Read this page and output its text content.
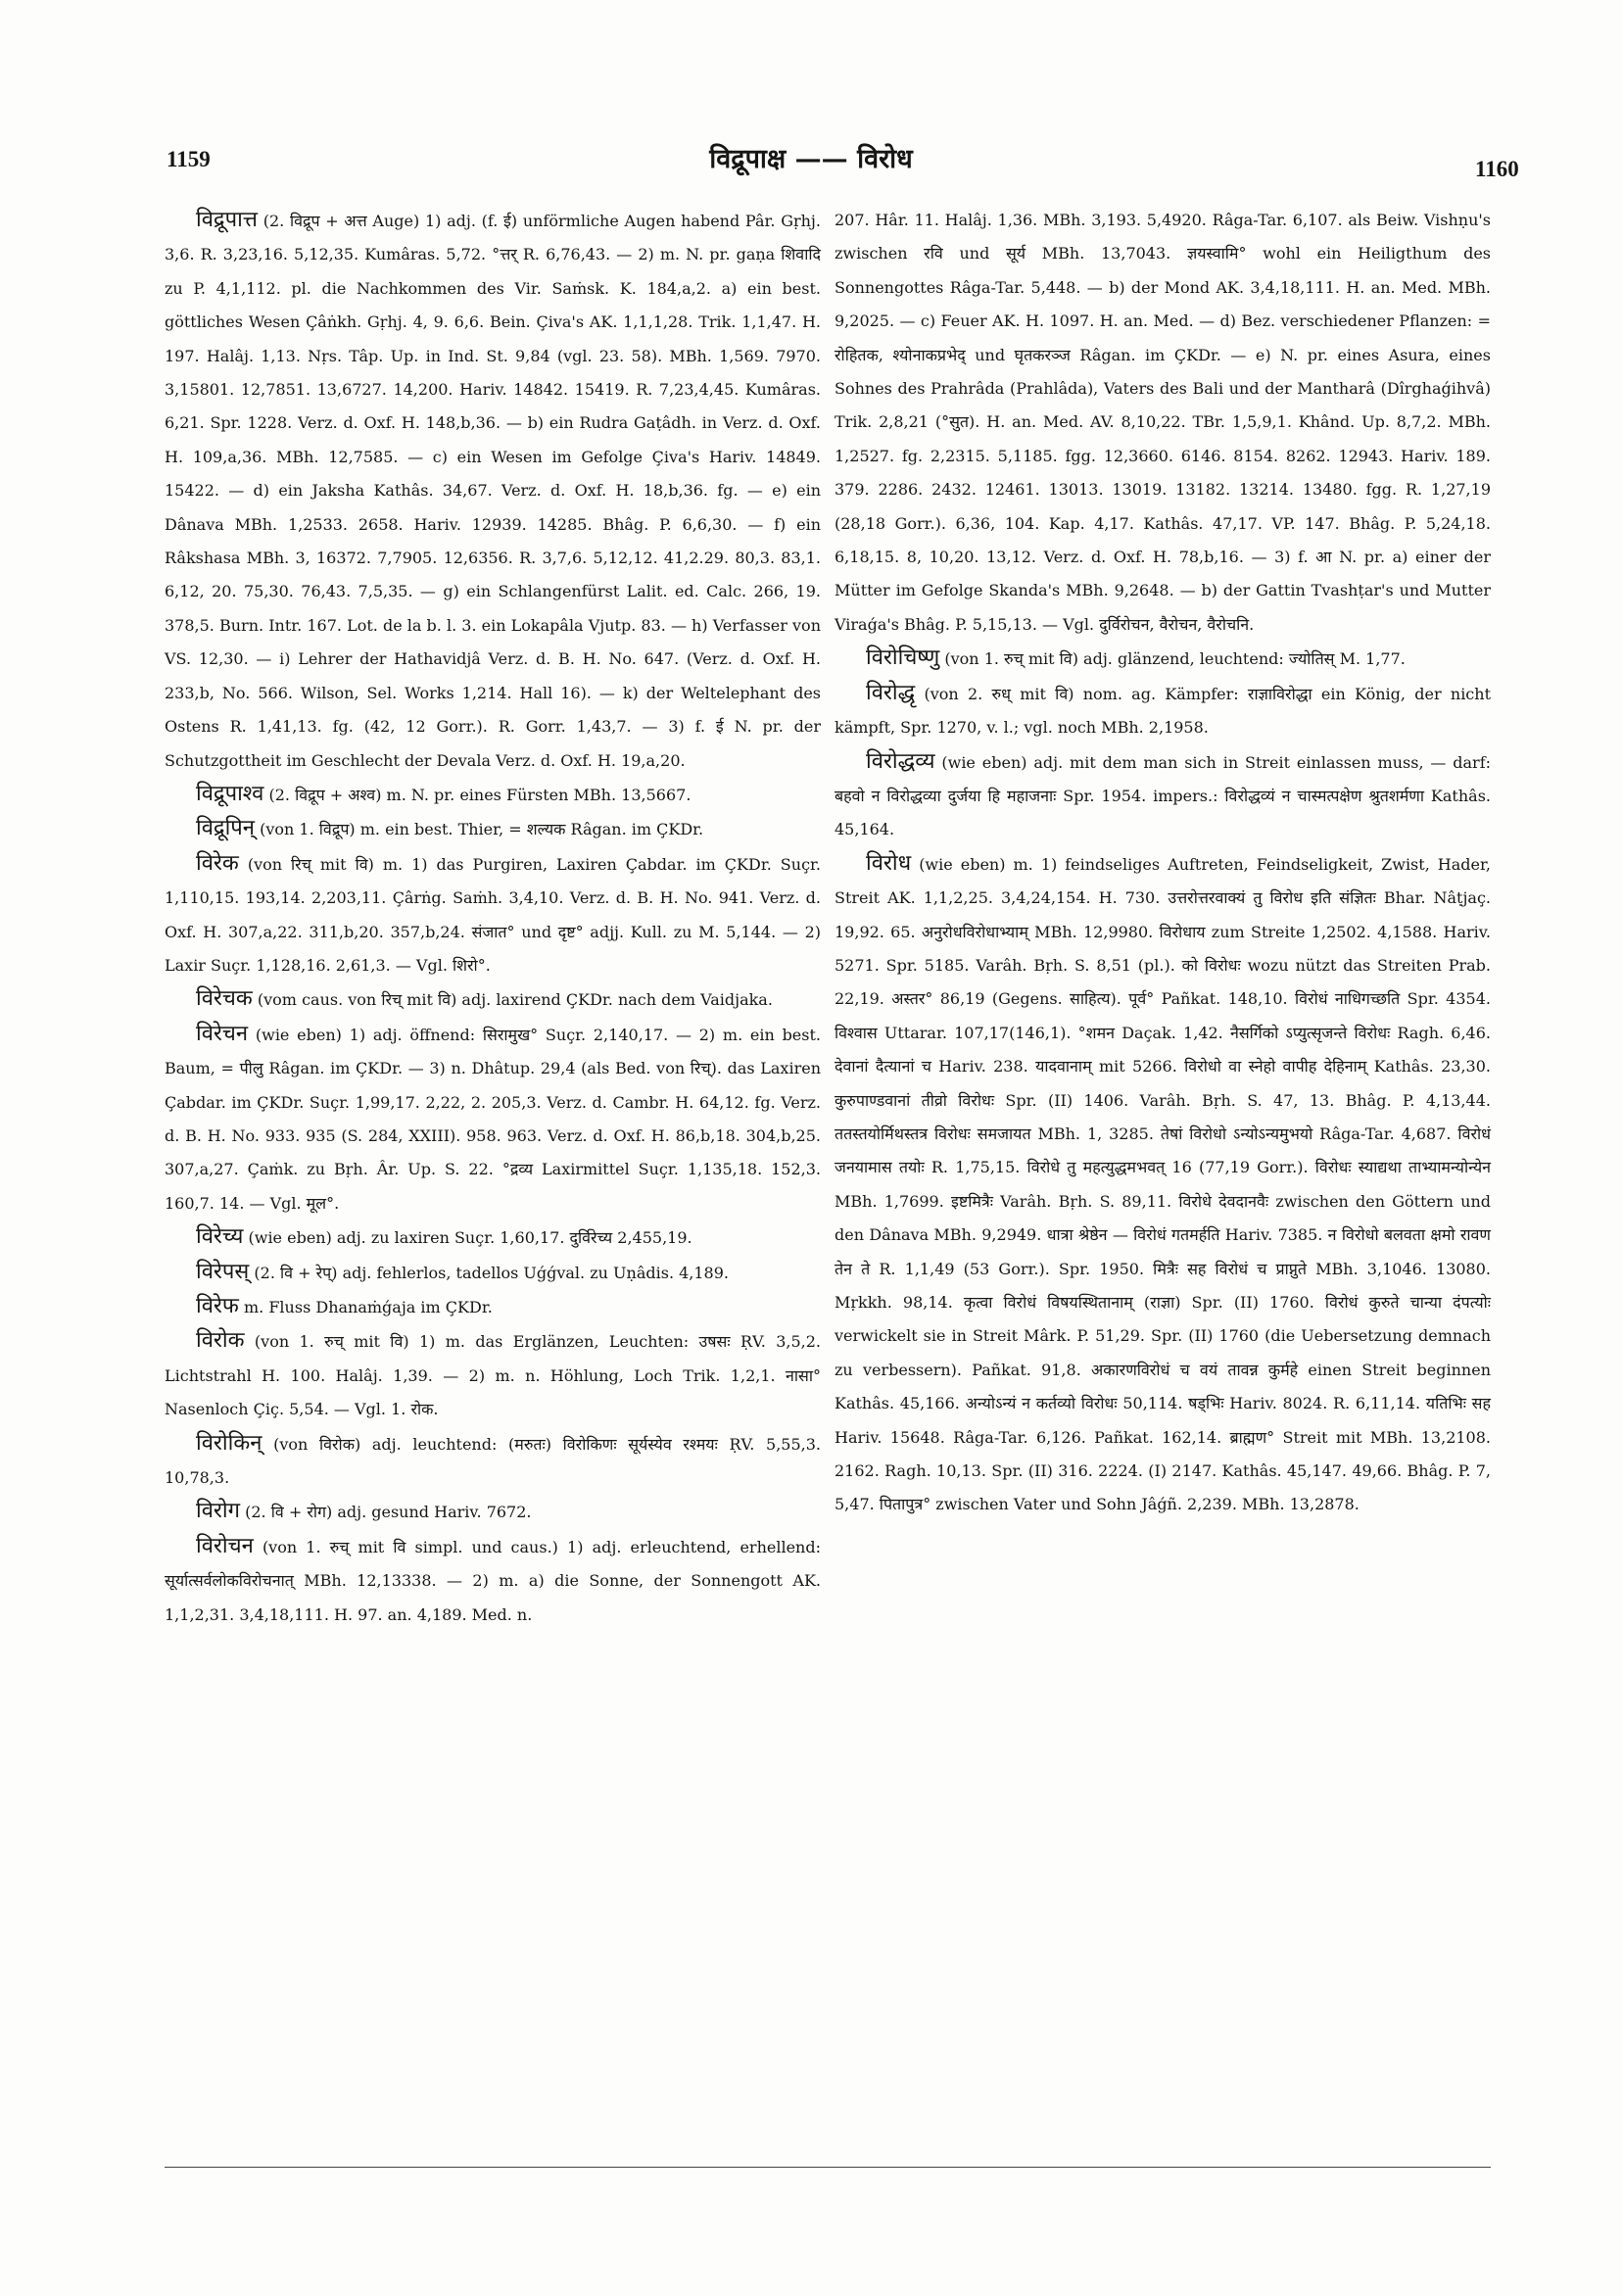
1159	विद्रूपाक्ष —— विरोध	1160

विद्रूपात्त (2. विद्रूप + अत्त Auge) 1) adj. (f. ई) unförmliche Augen habend Pâr. Gṛhj. 3,6. R. 3,23,16. 5,12,35. Kumâras. 5,72. °त्तर् R. 6,76,43. — 2) m. N. pr. gaṇa शिवादि zu P. 4,1,112. pl. die Nachkommen des Vir. Saṁsk. K. 184,a,2. a) ein best. göttliches Wesen Çâṅkh. Gṛhj. 4, 9. 6,6. Bein. Çiva's AK. 1,1,1,28. Trik. 1,1,47. H. 197. Halâj. 1,13. Nṛs. Tâp. Up. in Ind. St. 9,84 (vgl. 23. 58). MBh. 1,569. 7970. 3,15801. 12,7851. 13,6727. 14,200. Hariv. 14842. 15419. R. 7,23,4,45. Kumâras. 6,21. Spr. 1228. Verz. d. Oxf. H. 148,b,36. — b) ein Rudra Gaṭâdh. in Verz. d. Oxf. H. 109,a,36. MBh. 12,7585. — c) ein Wesen im Gefolge Çiva's Hariv. 14849. 15422. — d) ein Jaksha Kathâs. 34,67. Verz. d. Oxf. H. 18,b,36. fg. — e) ein Dânava MBh. 1,2533. 2658. Hariv. 12939. 14285. Bhâg. P. 6,6,30. — f) ein Râkshasa MBh. 3, 16372. 7,7905. 12,6356. R. 3,7,6. 5,12,12. 41,2.29. 80,3. 83,1. 6,12, 20. 75,30. 76,43. 7,5,35. — g) ein Schlangenfürst Lalit. ed. Calc. 266, 19. 378,5. Burn. Intr. 167. Lot. de la b. l. 3. ein Lokapâla Vjutp. 83. — h) Verfasser von VS. 12,30. — i) Lehrer der Hathavidjâ Verz. d. B. H. No. 647. (Verz. d. Oxf. H. 233,b, No. 566. Wilson, Sel. Works 1,214. Hall 16). — k) der Weltelephant des Ostens R. 1,41,13. fg. (42, 12 Gorr.). R. Gorr. 1,43,7. — 3) f. ई N. pr. der Schutzgottheit im Geschlecht der Devala Verz. d. Oxf. H. 19,a,20.

विद्रूपाश्व (2. विद्रूप + अश्व) m. N. pr. eines Fürsten MBh. 13,5667.

विद्रूपिन् (von 1. विद्रूप) m. ein best. Thier, = शल्यक Râgan. im ÇKDr.

विरेक (von रिच् mit वि) m. 1) das Purgiren, Laxiren Çabdar. im ÇKDr. Suçr. 1,110,15. 193,14. 2,203,11. Çârṅg. Saṁh. 3,4,10. Verz. d. B. H. No. 941. Verz. d. Oxf. H. 307,a,22. 311,b,20. 357,b,24. संजात° und दृष्ट° adjj. Kull. zu M. 5,144. — 2) Laxir Suçr. 1,128,16. 2,61,3. — Vgl. शिरो°.

विरेचक (vom caus. von रिच् mit वि) adj. laxirend ÇKDr. nach dem Vaidjaka.

विरेचन (wie eben) 1) adj. öffnend: सिरामुख° Suçr. 2,140,17. — 2) m. ein best. Baum, = पीलु Râgan. im ÇKDr. — 3) n. Dhâtup. 29,4 (als Bed. von रिच्). das Laxiren Çabdar. im ÇKDr. Suçr. 1,99,17. 2,22, 2. 205,3. Verz. d. Cambr. H. 64,12. fg. Verz. d. B. H. No. 933. 935 (S. 284, XXIII). 958. 963. Verz. d. Oxf. H. 86,b,18. 304,b,25. 307,a,27. Çaṁk. zu Bṛh. Âr. Up. S. 22. °द्रव्य Laxirmittel Suçr. 1,135,18. 152,3. 160,7. 14. — Vgl. मूल°.

विरेच्य (wie eben) adj. zu laxiren Suçr. 1,60,17. दुर्विरेच्य 2,455,19.

विरेपस् (2. वि + रेप्) adj. fehlerlos, tadellos Uǵǵval. zu Uṇâdis. 4,189.

विरेफ m. Fluss Dhanaṁǵaja im ÇKDr.

विरोक (von 1. रुच् mit वि) 1) m. das Erglänzen, Leuchten: उषसः ṚV. 3,5,2. Lichtstrahl H. 100. Halâj. 1,39. — 2) m. n. Höhlung, Loch Trik. 1,2,1. नासा° Nasenloch Çiç. 5,54. — Vgl. 1. रोक.

विरोकिन् (von विरोक) adj. leuchtend: (मरुतः) विरोकिणः सूर्यस्येव रश्मयः ṚV. 5,55,3. 10,78,3.

विरोग (2. वि + रोग) adj. gesund Hariv. 7672.

विरोचन (von 1. रुच् mit वि simpl. und caus.) 1) adj. erleuchtend, erhellend: सूर्यात्सर्वलोकविरोचनात् MBh. 12,13338. — 2) m. a) die Sonne, der Sonnengott AK. 1,1,2,31. 3,4,18,111. H. 97. an. 4,189. Med. n.

207. Hâr. 11. Halâj. 1,36. MBh. 3,193. 5,4920. Râga-Tar. 6,107. als Beiw. Vishṇu's zwischen रवि und सूर्य MBh. 13,7043. ज्ञयस्वामि° wohl ein Heiligthum des Sonnengottes Râga-Tar. 5,448. — b) der Mond AK. 3,4,18,111. H. an. Med. MBh. 9,2025. — c) Feuer AK. H. 1097. H. an. Med. — d) Bez. verschiedener Pflanzen: = रोहितक, श्योनाकप्रभेद् und घृतकरञ्ज Râgan. im ÇKDr. — e) N. pr. eines Asura, eines Sohnes des Prahrâda (Prahlâda), Vaters des Bali und der Mantharâ (Dîrghaǵihvâ) Trik. 2,8,21 (°सुत). H. an. Med. AV. 8,10,22. TBr. 1,5,9,1. Khând. Up. 8,7,2. MBh. 1,2527. fg. 2,2315. 5,1185. fgg. 12,3660. 6146. 8154. 8262. 12943. Hariv. 189. 379. 2286. 2432. 12461. 13013. 13019. 13182. 13214. 13480. fgg. R. 1,27,19 (28,18 Gorr.). 6,36, 104. Kap. 4,17. Kathâs. 47,17. VP. 147. Bhâg. P. 5,24,18. 6,18,15. 8, 10,20. 13,12. Verz. d. Oxf. H. 78,b,16. — 3) f. आ N. pr. a) einer der Mütter im Gefolge Skanda's MBh. 9,2648. — b) der Gattin Tvashṭar's und Mutter Viraǵa's Bhâg. P. 5,15,13. — Vgl. दुर्विरोचन, वैरोचन, वैरोचनि.

विरोचिष्णु (von 1. रुच् mit वि) adj. glänzend, leuchtend: ज्योतिस् M. 1,77.

विरोद्धृ (von 2. रुध् mit वि) nom. ag. Kämpfer: राज्ञाविरोद्धा ein König, der nicht kämpft, Spr. 1270, v. l.; vgl. noch MBh. 2,1958.

विरोद्धव्य (wie eben) adj. mit dem man sich in Streit einlassen muss, — darf: बहवो न विरोद्धव्या दुर्जया हि महाजनाः Spr. 1954. impers.: विरोद्धव्यं न चास्मत्पक्षेण श्रुतशर्मणा Kathâs. 45,164.

विरोध (wie eben) m. 1) feindseliges Auftreten, Feindseligkeit, Zwist, Hader, Streit AK. 1,1,2,25. 3,4,24,154. H. 730. उत्तरोत्तरवाक्यं तु विरोध इति संज्ञितः Bhar. Nâṭjaç. 19,92. 65. अनुरोधविरोधाभ्याम् MBh. 12,9980. विरोधाय zum Streite 1,2502. 4,1588. Hariv. 5271. Spr. 5185. Varâh. Bṛh. S. 8,51 (pl.). को विरोधः wozu nützt das Streiten Prab. 22,19. अस्तर° 86,19 (Gegens. साहित्य). पूर्व° Pañkat. 148,10. विरोधं नाधिगच्छति Spr. 4354. विश्वास Uttarar. 107,17(146,1). °शमन Daçak. 1,42. नैसर्गिको ऽप्युत्सृजन्ते विरोधः Ragh. 6,46. देवानां दैत्यानां च Hariv. 238. यादवानाम् mit 5266. विरोधो वा स्नेहो वापीह देहिनाम् Kathâs. 23,30. कुरुपाण्डवानां तीव्रो विरोधः Spr. (II) 1406. Varâh. Bṛh. S. 47, 13. Bhâg. P. 4,13,44. ततस्तयोर्मिथस्तत्र विरोधः समजायत MBh. 1, 3285. तेषां विरोधो ऽन्योऽन्यमुभयो Râga-Tar. 4,687. विरोधं जनयामास तयोः R. 1,75,15. विरोधे तु महत्युद्धमभवत् 16 (77,19 Gorr.). विरोधः स्याद्यथा ताभ्यामन्योन्येन MBh. 1,7699. इष्टमित्रैः Varâh. Bṛh. S. 89,11. विरोधे देवदानवैः zwischen den Göttern und den Dânava MBh. 9,2949. धात्रा श्रेष्ठेन — विरोधं गतमर्हति Hariv. 7385. न विरोधो बलवता क्षमो रावण तेन ते R. 1,1,49 (53 Gorr.). Spr. 1950. मित्रैः सह विरोधं च प्राप्नुते MBh. 3,1046. 13080. Mṛkkh. 98,14. कृत्वा विरोधं विषयस्थितानाम् (राज्ञा) Spr. (II) 1760. विरोधं कुरुते चान्या दंपत्योः verwickelt sie in Streit Mârk. P. 51,29. Spr. (II) 1760 (die Uebersetzung demnach zu verbessern). Pañkat. 91,8. अकारणविरोधं च वयं तावन्न कुर्महे einen Streit beginnen Kathâs. 45,166. अन्योऽन्यं न कर्तव्यो विरोधः 50,114. षड्भिः Hariv. 8024. R. 6,11,14. यतिभिः सह Hariv. 15648. Râga-Tar. 6,126. Pañkat. 162,14. ब्राह्मण° Streit mit MBh. 13,2108. 2162. Ragh. 10,13. Spr. (II) 316. 2224. (I) 2147. Kathâs. 45,147. 49,66. Bhâg. P. 7, 5,47. पितापुत्र° zwischen Vater und Sohn Jâǵñ. 2,239. MBh. 13,2878.
